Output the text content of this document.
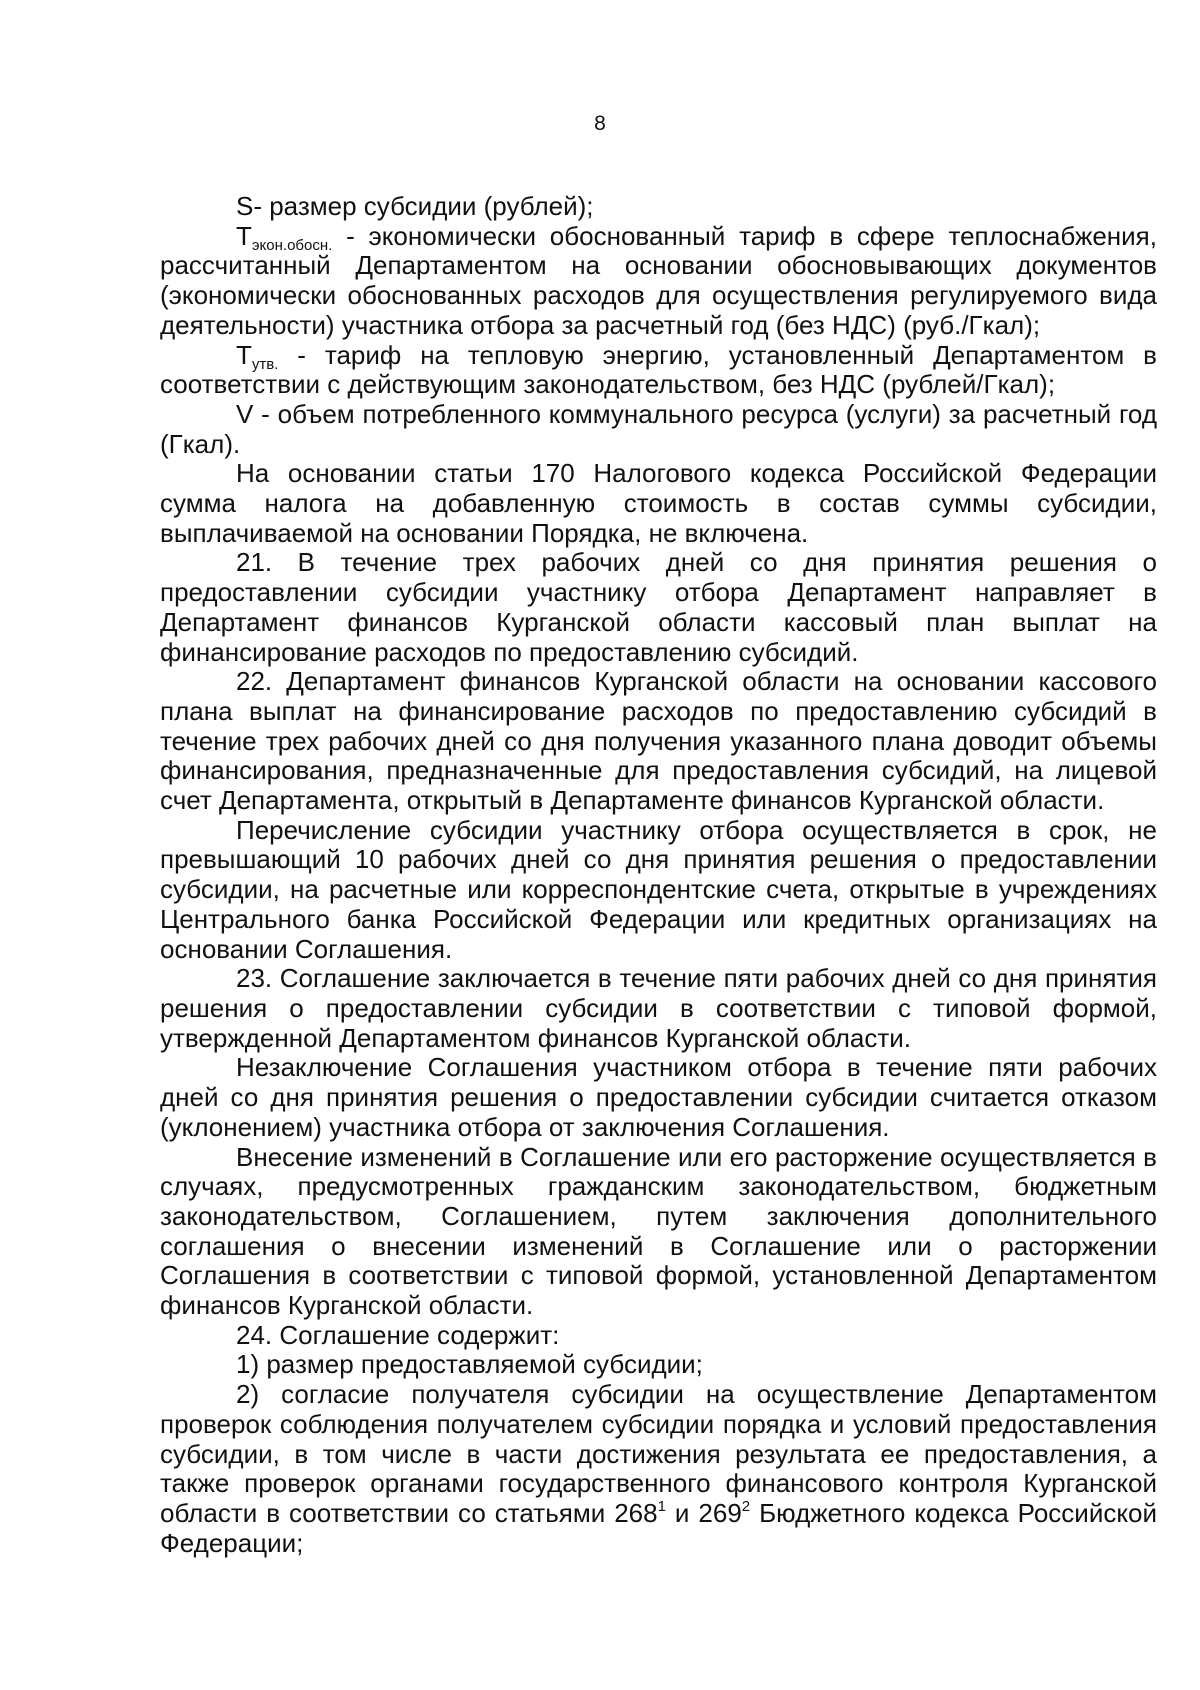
8

S- размер субсидии (рублей);

$Т_{экон.обосн.}$ - экономически обоснованный тариф в сфере теплоснабжения, рассчитанный Департаментом на основании обосновывающих документов (экономически обоснованных расходов для осуществления регулируемого вида деятельности) участника отбора за расчетный год (без НДС) (руб./Гкал);

$Т_{утв.}$ - тариф на тепловую энергию, установленный Департаментом в соответствии с действующим законодательством, без НДС (рублей/Гкал);

V - объем потребленного коммунального ресурса (услуги) за расчетный год (Гкал).

На основании статьи 170 Налогового кодекса Российской Федерации сумма налога на добавленную стоимость в состав суммы субсидии, выплачиваемой на основании Порядка, не включена.

21. В течение трех рабочих дней со дня принятия решения о предоставлении субсидии участнику отбора Департамент направляет в Департамент финансов Курганской области кассовый план выплат на финансирование расходов по предоставлению субсидий.

22. Департамент финансов Курганской области на основании кассового плана выплат на финансирование расходов по предоставлению субсидий в течение трех рабочих дней со дня получения указанного плана доводит объемы финансирования, предназначенные для предоставления субсидий, на лицевой счет Департамента, открытый в Департаменте финансов Курганской области.

Перечисление субсидии участнику отбора осуществляется в срок, не превышающий 10 рабочих дней со дня принятия решения о предоставлении субсидии, на расчетные или корреспондентские счета, открытые в учреждениях Центрального банка Российской Федерации или кредитных организациях на основании Соглашения.

23. Соглашение заключается в течение пяти рабочих дней со дня принятия решения о предоставлении субсидии в соответствии с типовой формой, утвержденной Департаментом финансов Курганской области.

Незаключение Соглашения участником отбора в течение пяти рабочих дней со дня принятия решения о предоставлении субсидии считается отказом (уклонением) участника отбора от заключения Соглашения.

Внесение изменений в Соглашение или его расторжение осуществляется в случаях, предусмотренных гражданским законодательством, бюджетным законодательством, Соглашением, путем заключения дополнительного соглашения о внесении изменений в Соглашение или о расторжении Соглашения в соответствии с типовой формой, установленной Департаментом финансов Курганской области.

24. Соглашение содержит:

1) размер предоставляемой субсидии;

2) согласие получателя субсидии на осуществление Департаментом проверок соблюдения получателем субсидии порядка и условий предоставления субсидии, в том числе в части достижения результата ее предоставления, а также проверок органами государственного финансового контроля Курганской области в соответствии со статьями $268^1$ и $269^2$ Бюджетного кодекса Российской Федерации;
